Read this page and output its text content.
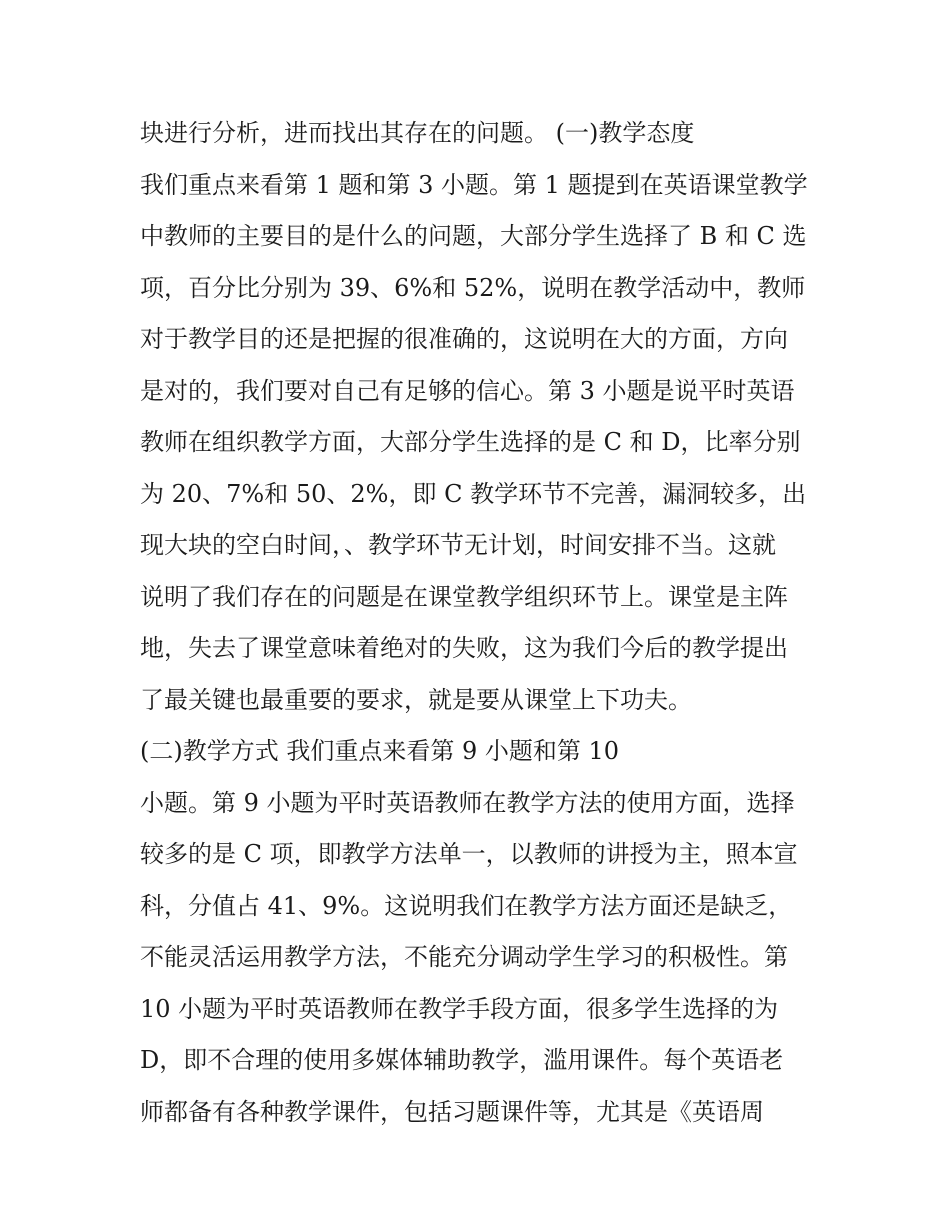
块进行分析，进而找出其存在的问题。 (一)教学态度
我们重点来看第 1 题和第 3 小题。第 1 题提到在英语课堂教学
中教师的主要目的是什么的问题，大部分学生选择了 B 和 C 选
项，百分比分别为 39、6%和 52%，说明在教学活动中，教师
对于教学目的还是把握的很准确的，这说明在大的方面，方向
是对的，我们要对自己有足够的信心。第 3 小题是说平时英语
教师在组织教学方面，大部分学生选择的是 C 和 D，比率分别
为 20、7%和 50、2%，即 C 教学环节不完善，漏洞较多，出
现大块的空白时间，、教学环节无计划，时间安排不当。这就
说明了我们存在的问题是在课堂教学组织环节上。课堂是主阵
地，失去了课堂意味着绝对的失败，这为我们今后的教学提出
了最关键也最重要的要求，就是要从课堂上下功夫。
(二)教学方式 我们重点来看第 9 小题和第 10
小题。第 9 小题为平时英语教师在教学方法的使用方面，选择
较多的是 C 项，即教学方法单一，以教师的讲授为主，照本宣
科，分值占 41、9%。这说明我们在教学方法方面还是缺乏，
不能灵活运用教学方法，不能充分调动学生学习的积极性。第
10 小题为平时英语教师在教学手段方面，很多学生选择的为
D，即不合理的使用多媒体辅助教学，滥用课件。每个英语老
师都备有各种教学课件，包括习题课件等，尤其是《英语周
